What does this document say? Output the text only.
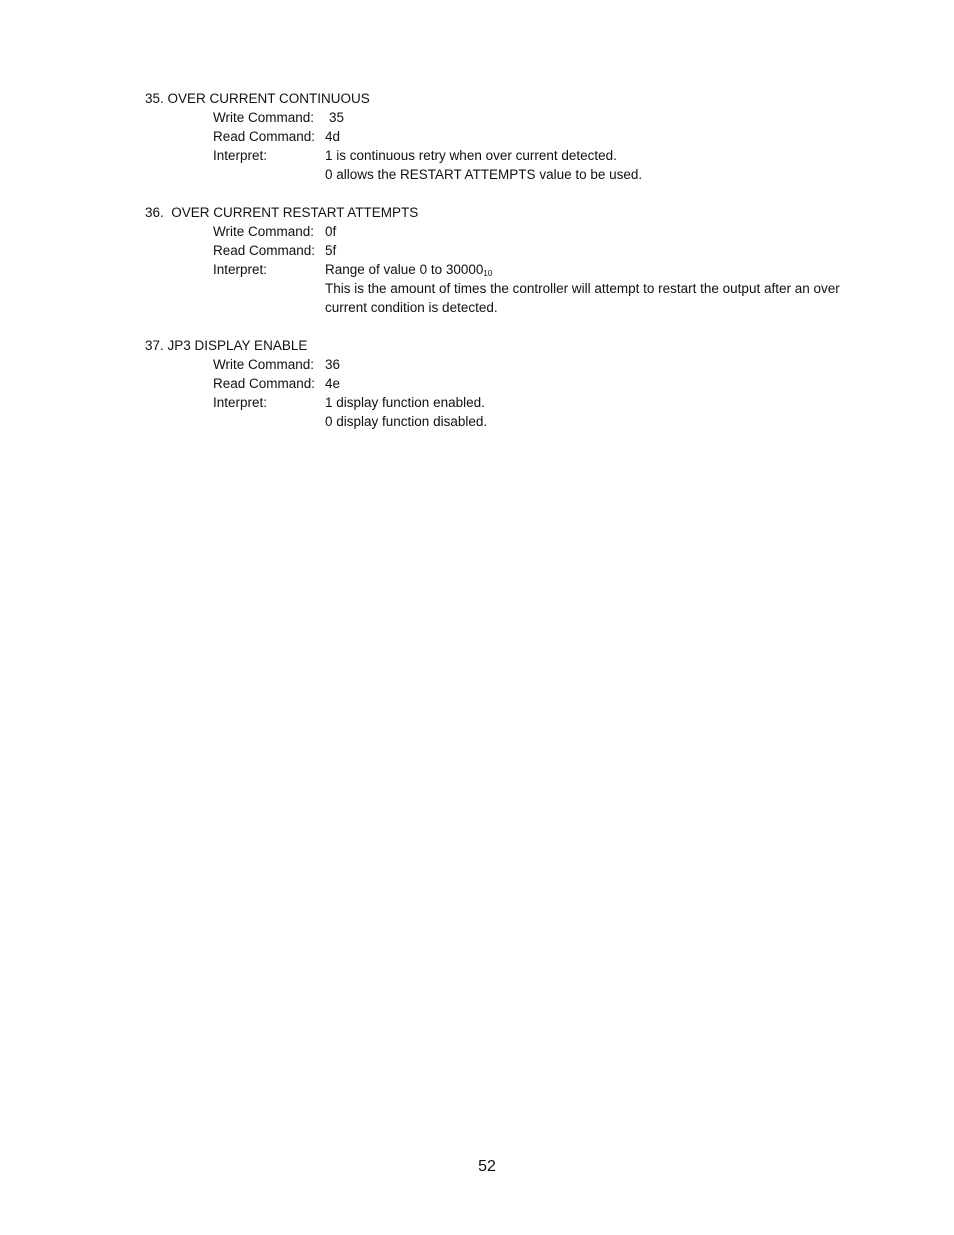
35. OVER CURRENT CONTINUOUS
Write Command: 35
Read Command: 4d
Interpret:	1 is continuous retry when over current detected.
0 allows the RESTART ATTEMPTS value to be used.
36.  OVER CURRENT RESTART ATTEMPTS
Write Command: 0f
Read Command: 5f
Interpret:	Range of value 0 to $30000_{10}$
This is the amount of times the controller will attempt to restart the output after an over current condition is detected.
37. JP3 DISPLAY ENABLE
Write Command: 36
Read Command: 4e
Interpret:	1 display function enabled.
0 display function disabled.
52
